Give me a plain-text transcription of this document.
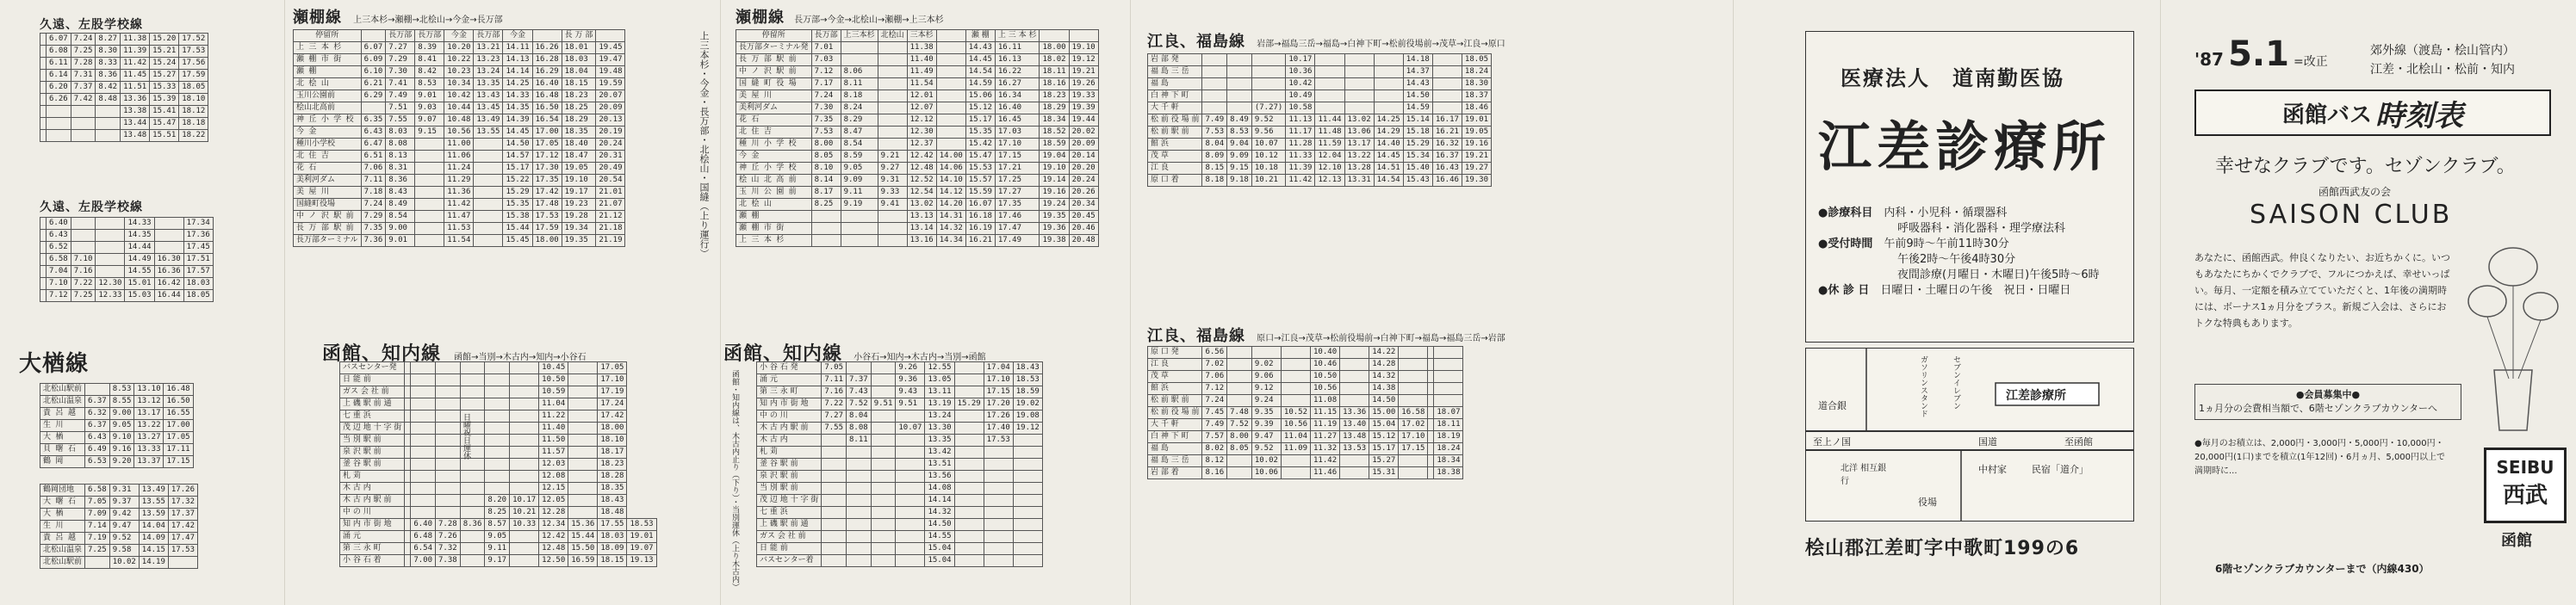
久遠、左股学校線
	6.07	7.24	8.27	11.38	15.20	17.52
	6.08	7.25	8.30	11.39	15.21	17.53
	6.11	7.28	8.33	11.42	15.24	17.56
	6.14	7.31	8.36	11.45	15.27	17.59
	6.20	7.37	8.42	11.51	15.33	18.05
	6.26	7.42	8.48	13.36	15.39	18.10
				13.38	15.41	18.12
				13.44	15.47	18.18
				13.48	15.51	18.22
久遠、左股学校線
	6.40			14.33		17.34
	6.43			14.35		17.36
	6.52			14.44		17.45
	6.58	7.10		14.49	16.30	17.51
	7.04	7.16		14.55	16.36	17.57
	7.10	7.22	12.30	15.01	16.42	18.03
	7.12	7.25	12.33	15.03	16.44	18.05
大楢線
北松山駅前		8.53	13.10	16.48
北松山温泉	6.37	8.55	13.12	16.50
貴 呂 越	6.32	9.00	13.17	16.55
生 川	6.37	9.05	13.22	17.00
大 楢	6.43	9.10	13.27	17.05
貝 曙 石	6.49	9.16	13.33	17.11
鶴 岡	6.53	9.20	13.37	17.15
鶴岡団地	6.58	9.31	13.49	17.26
大 曙 石	7.05	9.37	13.55	17.32
大 楢	7.09	9.42	13.59	17.37
生 川	7.14	9.47	14.04	17.42
貴 呂 越	7.19	9.52	14.09	17.47
北松山温泉	7.25	9.58	14.15	17.53
北松山駅前		10.02	14.19	
瀬棚線 上三本杉→瀬棚→北桧山→今金→長万部
停留所		長万部	長万部	今金	長万部	今金		長 万 部	
上 三 本 杉	6.07	7.27	8.39	10.20	13.21	14.11	16.26	18.01	19.45
瀬 棚 市 街	6.09	7.29	8.41	10.22	13.23	14.13	16.28	18.03	19.47
瀬 棚	6.10	7.30	8.42	10.23	13.24	14.14	16.29	18.04	19.48
北 桧 山	6.21	7.41	8.53	10.34	13.35	14.25	16.40	18.15	19.59
玉川公園前	6.29	7.49	9.01	10.42	13.43	14.33	16.48	18.23	20.07
桧山北高前		7.51	9.03	10.44	13.45	14.35	16.50	18.25	20.09
神 丘 小 学 校	6.35	7.55	9.07	10.48	13.49	14.39	16.54	18.29	20.13
今 金	6.43	8.03	9.15	10.56	13.55	14.45	17.00	18.35	20.19
種川小学校	6.47	8.08		11.00		14.50	17.05	18.40	20.24
北 住 吉	6.51	8.13		11.06		14.57	17.12	18.47	20.31
花 石	7.06	8.31		11.24		15.17	17.30	19.05	20.49
美利河ダム	7.11	8.36		11.29		15.22	17.35	19.10	20.54
美 屋 川	7.18	8.43		11.36		15.29	17.42	19.17	21.01
国縫町役場	7.24	8.49		11.42		15.35	17.48	19.23	21.07
中 ノ 沢 駅 前	7.29	8.54		11.47		15.38	17.53	19.28	21.12
長 万 部 駅 前	7.35	9.00		11.53		15.44	17.59	19.34	21.18
長万部ターミナル	7.36	9.01		11.54		15.45	18.00	19.35	21.19	上三本杉・今金・長万部・北桧山・国縫（上り運行）
函館、知内線 函館→当別→木古内→知内→小谷石
バスセンター発							10.45		17.05	
日 能 前							10.50		17.10	
ガス 会 社 前							10.59		17.19	
上 磯 駅 前 通							11.04		17.24	
七 重 浜							11.22		17.42	
茂 辺 地 十 字 街							11.40		18.00	
当 別 駅 前							11.50		18.10	
泉 沢 駅 前							11.57		18.17	
釜 谷 駅 前							12.03		18.23	
札 苅							12.08		18.28	
木 古 内							12.15		18.35	
木 古 内 駅 前					8.20	10.17	12.05		18.43	
中 の 川					8.25	10.21	12.28		18.48	
知 内 市 街 地		6.40	7.28	8.36	8.57	10.33	12.34	15.36	17.55	18.53
涌 元		6.48	7.26		9.05		12.42	15.44	18.03	19.01
第 三 永 町		6.54	7.32		9.11		12.48	15.50	18.09	19.07
小 谷 石 着		7.00	7.38		9.17		12.50	16.59	18.15	19.13
日曜祝日運休
瀬棚線 長万部→今金→北桧山→瀬棚→上三本杉
停留所	長万部	上三本杉	北桧山	三本杉		瀬 棚	上 三 本 杉		
長万部ターミナル発	7.01			11.38		14.43	16.11	18.00	19.10
長 万 部 駅 前	7.03			11.40		14.45	16.13	18.02	19.12
中 ノ 沢 駅 前	7.12	8.06		11.49		14.54	16.22	18.11	19.21
国 縫 町 役 場	7.17	8.11		11.54		14.59	16.27	18.16	19.26
美 屋 川	7.24	8.18		12.01		15.06	16.34	18.23	19.33
美利河ダム	7.30	8.24		12.07		15.12	16.40	18.29	19.39
花 石	7.35	8.29		12.12		15.17	16.45	18.34	19.44
北 住 吉	7.53	8.47		12.30		15.35	17.03	18.52	20.02
種 川 小 学 校	8.00	8.54		12.37		15.42	17.10	18.59	20.09
今 金	8.05	8.59	9.21	12.42	14.00	15.47	17.15	19.04	20.14
神 丘 小 学 校	8.10	9.05	9.27	12.48	14.06	15.53	17.21	19.10	20.20
桧 山 北 高 前	8.14	9.09	9.31	12.52	14.10	15.57	17.25	19.14	20.24
玉 川 公 園 前	8.17	9.11	9.33	12.54	14.12	15.59	17.27	19.16	20.26
北 桧 山	8.25	9.19	9.41	13.02	14.20	16.07	17.35	19.24	20.34
瀬 棚				13.13	14.31	16.18	17.46	19.35	20.45
瀬 棚 市 街				13.14	14.32	16.19	17.47	19.36	20.46
上 三 本 杉				13.16	14.34	16.21	17.49	19.38	20.48
函館、知内線 小谷石→知内→木古内→当別→函館
函館・知内線は、木古内止り（下り）・当別運休（上り木古内）
小 谷 石 発	7.05			9.26	12.55		17.04	18.43
涌 元	7.11	7.37		9.36	13.05		17.10	18.53
第 三 永 町	7.16	7.43		9.43	13.11		17.15	18.59
知 内 市 街 地	7.22	7.52	9.51	9.51	13.19	15.29	17.20	19.02
中 の 川	7.27	8.04			13.24		17.26	19.08
木 古 内 駅 前	7.55	8.08		10.07	13.30		17.40	19.12
木 古 内		8.11			13.35		17.53	
札 苅					13.42			
釜 谷 駅 前					13.51			
泉 沢 駅 前					13.56			
当 別 駅 前					14.08			
茂 辺 地 十 字 街					14.14			
七 重 浜					14.32			
上 磯 駅 前 通					14.50			
ガス 会 社 前					14.55			
日 能 前					15.04			
バスセンター着					15.04			
江良、福島線 岩部→福島三岳→福島→白神下町→松前役場前→茂草→江良→原口
岩 部 発				10.17				14.18		18.05
福 島 三 岳				10.36				14.37		18.24
福 島				10.42				14.43		18.30
白 神 下 町				10.49				14.50		18.37
大 千 軒			(7.27)	10.58				14.59		18.46
松 前 役 場 前	7.49	8.49	9.52	11.13	11.44	13.02	14.25	15.14	16.17	19.01
松 前 駅 前	7.53	8.53	9.56	11.17	11.48	13.06	14.29	15.18	16.21	19.05
館 浜	8.04	9.04	10.07	11.28	11.59	13.17	14.40	15.29	16.32	19.16
茂 草	8.09	9.09	10.12	11.33	12.04	13.22	14.45	15.34	16.37	19.21
江 良	8.15	9.15	10.18	11.39	12.10	13.28	14.51	15.40	16.43	19.27
原 口 着	8.18	9.18	10.21	11.42	12.13	13.31	14.54	15.43	16.46	19.30
江良、福島線 原口→江良→茂草→松前役場前→白神下町→福島→福島三岳→岩部
原 口 発	6.56				10.40		14.22			
江 良	7.02		9.02		10.46		14.28			
茂 草	7.06		9.06		10.50		14.32			
館 浜	7.12		9.12		10.56		14.38			
松 前 駅 前	7.24		9.24		11.08		14.50			
松 前 役 場 前	7.45	7.48	9.35	10.52	11.15	13.36	15.00	16.58		18.07
大 千 軒	7.49	7.52	9.39	10.56	11.19	13.40	15.04	17.02		18.11
白 神 下 町	7.57	8.00	9.47	11.04	11.27	13.48	15.12	17.10		18.19
福 島	8.02	8.05	9.52	11.09	11.32	13.53	15.17	17.15		18.24
福 島 三 岳	8.12		10.02		11.42		15.27			18.34
岩 部 着	8.16		10.06		11.46		15.31			18.38
医療法人　道南勤医協
江差診療所
●診療科目　 内科・小児科・循環器科
呼吸器科・消化器科・理学療法科
●受付時間　 午前9時〜午前11時30分
午後2時〜午後4時30分
夜間診療(月曜日・木曜日)午後5時〜6時
●休 診 日　 日曜日・土曜日の午後　祝日・日曜日
江差診療所
道合銀
至上ノ国	国道	至函館
北洋 相互銀行
中村家	民宿「道介」
役場
ガソリンスタンド	セブンイレブン
桧山郡江差町字中歌町199の6
'87 5.1 =改正
郊外線（渡島・桧山管内）
江差・北桧山・松前・知内
函館バス 時刻表
幸せなクラブです。セゾンクラブ。
函館西武友の会
SAISON CLUB
あなたに、函館西武。仲良くなりたい、お近ちかくに。いつもあなたにちかくでクラブで、フルにつかえば、幸せいっぱい。毎月、一定額を積み立てていただくと、1年後の満期時には、ボーナス1ヵ月分をプラス。新規ご入会は、さらにおトクな特典もあります。
●会員募集中●
1ヵ月分の会費相当額で、6階セゾンクラブカウンターへ
●毎月のお積立は、2,000円・3,000円・5,000円・10,000円・20,000円(1口)までを積立(1年12回)・6月ヵ月、5,000円以上で満期時に...
6階セゾンクラブカウンターまで（内線430）
SEIBU
西武
函館
